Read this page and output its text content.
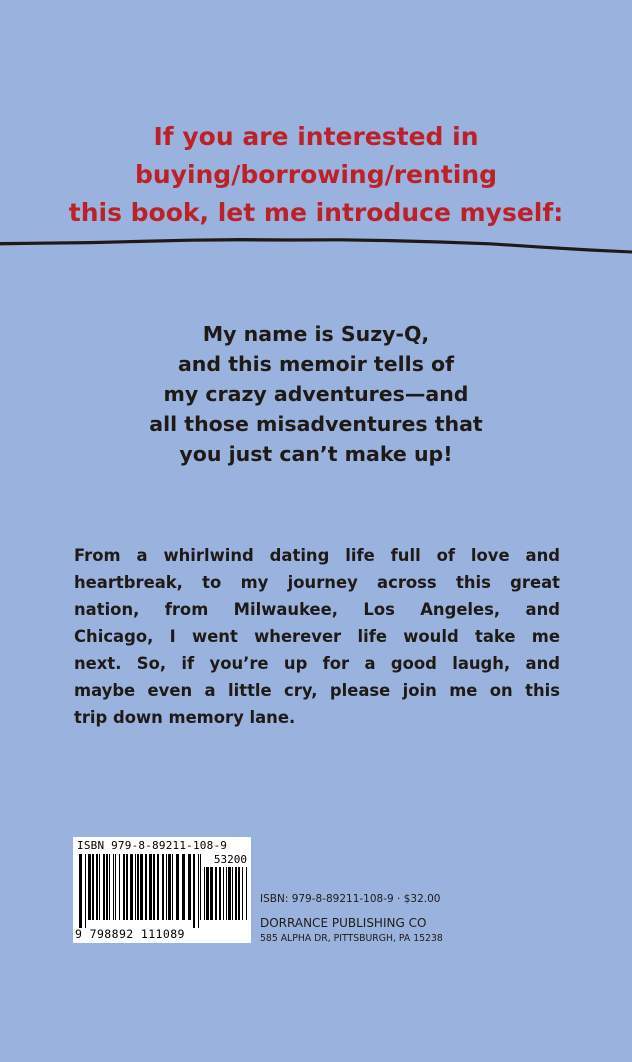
If you are interested in
buying/borrowing/renting
this book, let me introduce myself:
My name is Suzy-Q,
and this memoir tells of
my crazy adventures—and
all those misadventures that
you just can’t make up!
From a whirlwind dating life full of love and
heartbreak, to my journey across this great
nation, from Milwaukee, Los Angeles, and
Chicago, I went wherever life would take me
next. So, if you’re up for a good laugh, and
maybe even a little cry, please join me on this
trip down memory lane.
ISBN 979-8-89211-108-9
53200
9 798892 111089
ISBN: 979-8-89211-108-9 · $32.00
DORRANCE PUBLISHING CO
585 ALPHA DR, PITTSBURGH, PA 15238
